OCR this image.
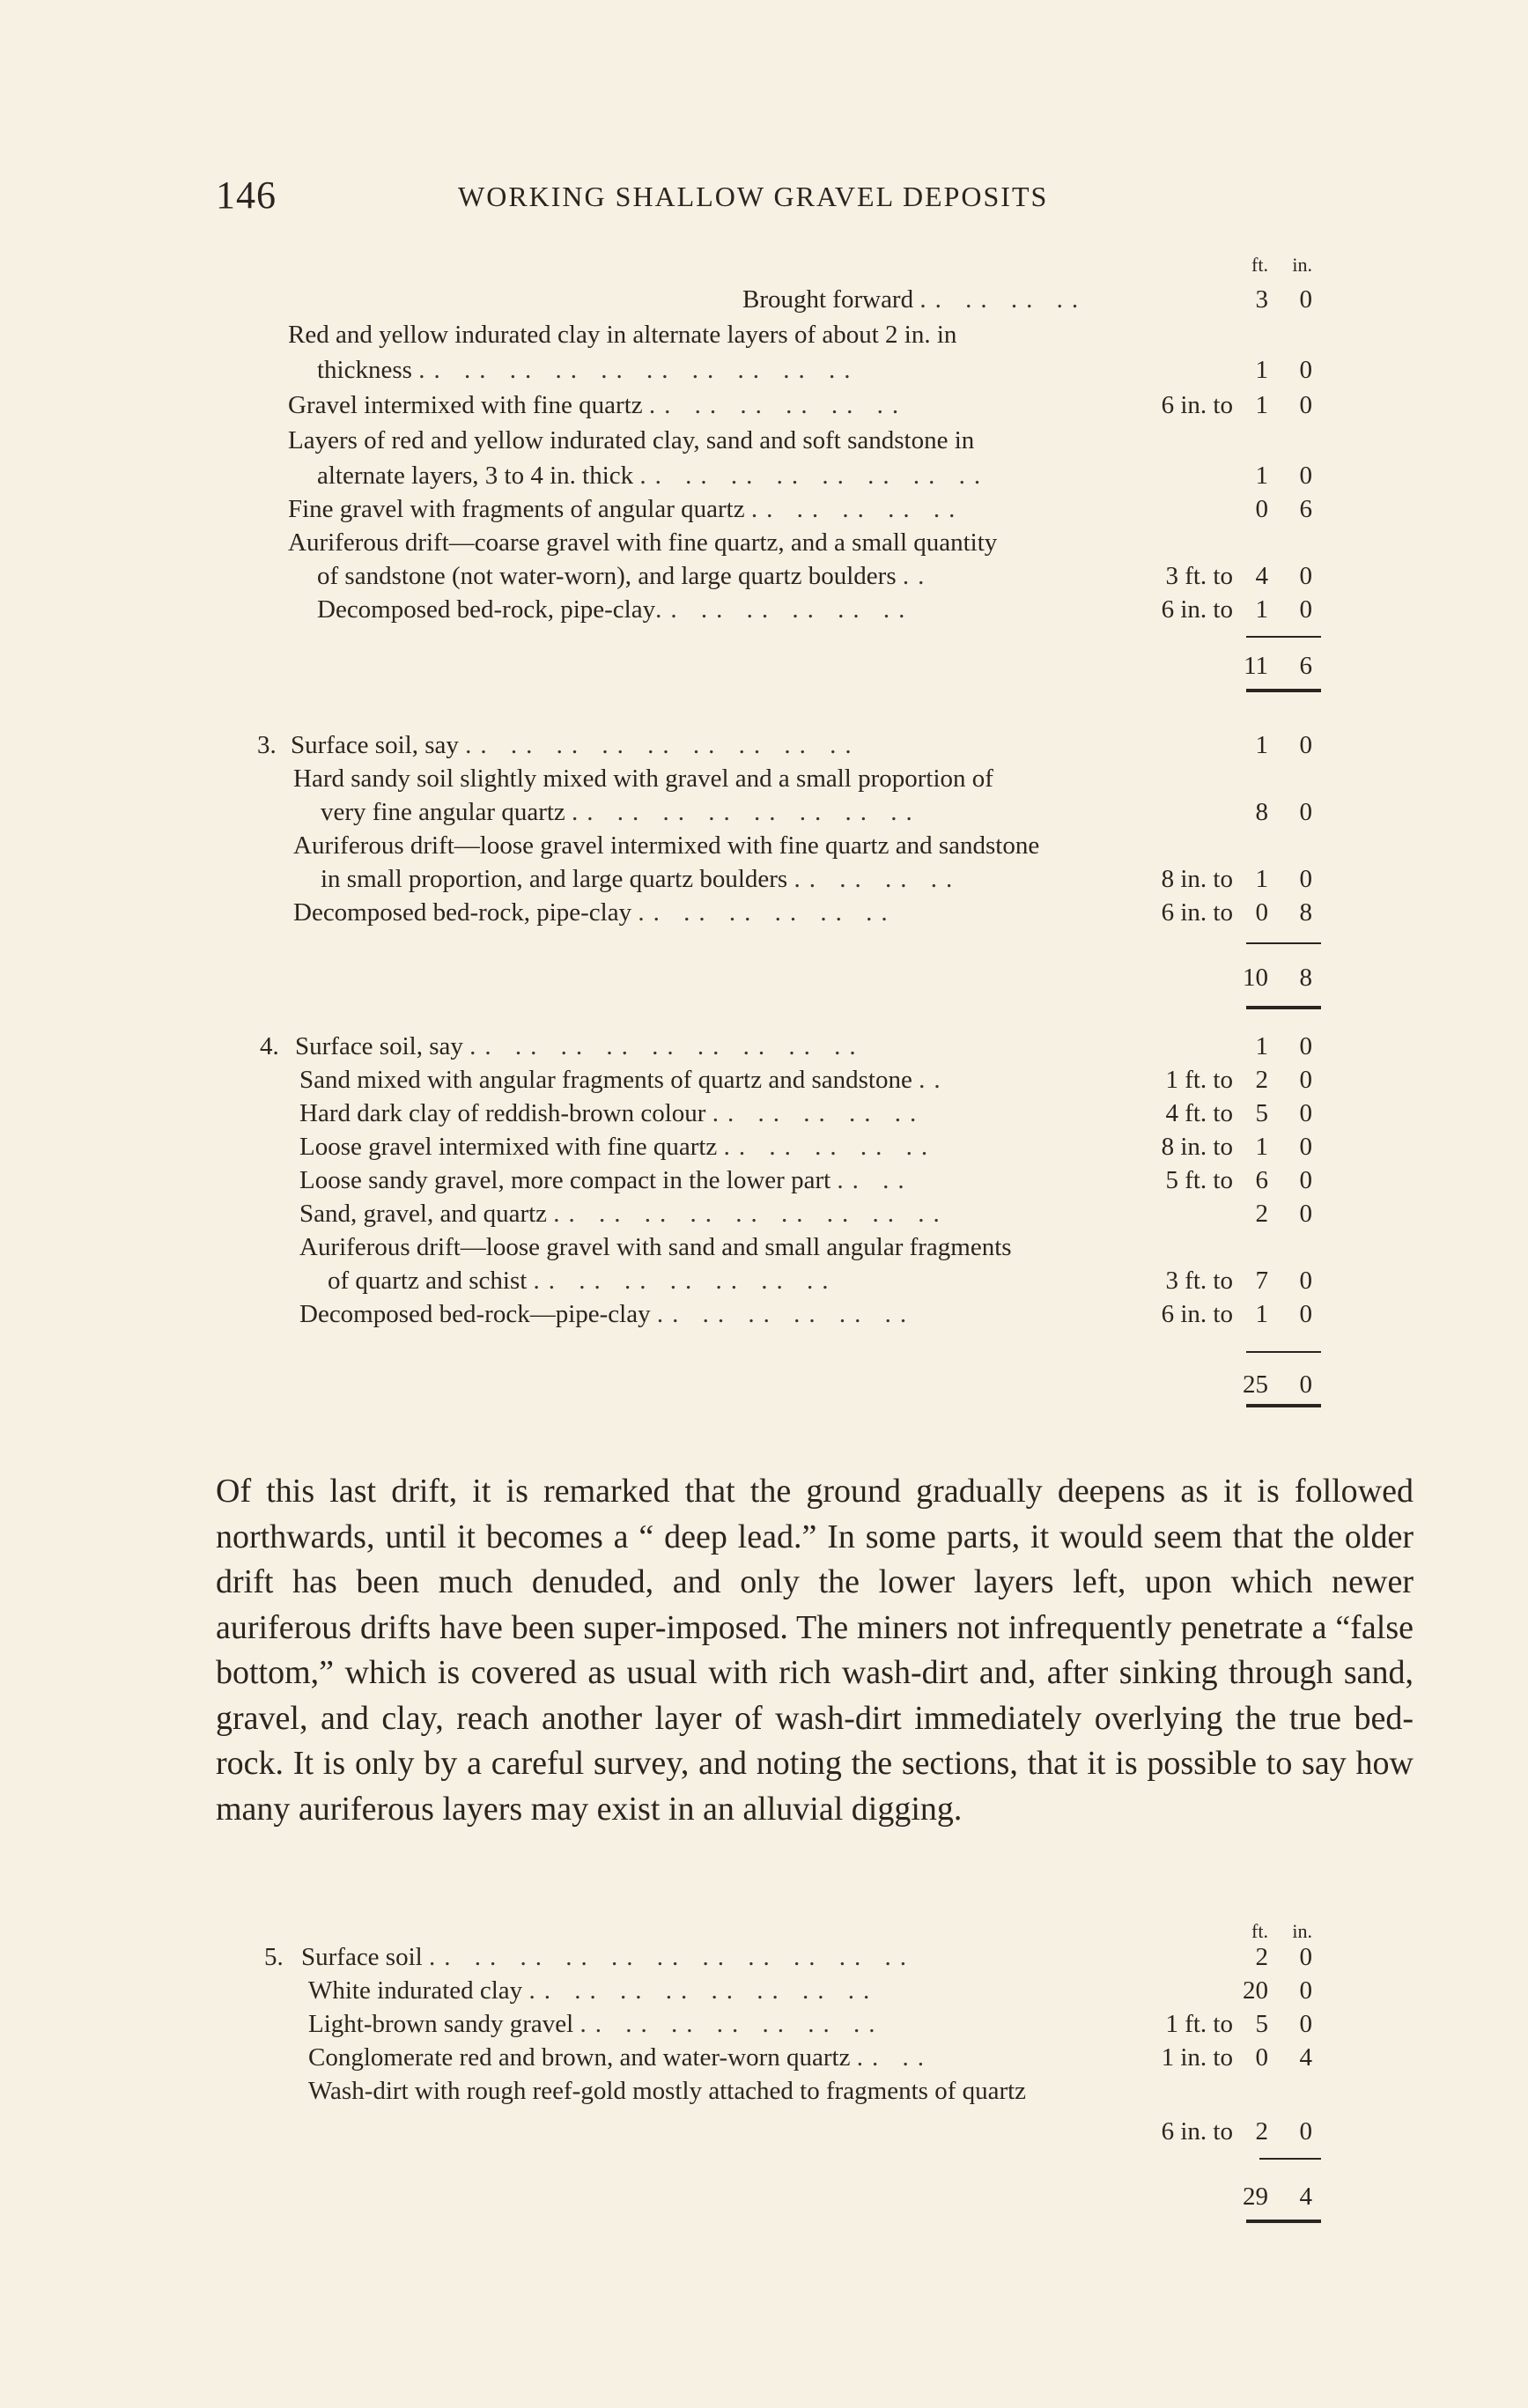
146	WORKING SHALLOW GRAVEL DEPOSITS
ft.	in.
Brought forward .. .. .. ..	3	0
Red and yellow indurated clay in alternate layers of about 2 in. in
thickness .. .. .. .. .. .. .. .. .. ..	1	0
Gravel intermixed with fine quartz .. .. .. .. .. ..	6 in. to 1	0
Layers of red and yellow indurated clay, sand and soft sandstone in
alternate layers, 3 to 4 in. thick .. .. .. .. .. .. .. ..	1	0
Fine gravel with fragments of angular quartz .. .. .. .. ..	0	6
Auriferous drift—coarse gravel with fine quartz, and a small quantity
of sandstone (not water-worn), and large quartz boulders ..	3 ft. to 4	0
Decomposed bed-rock, pipe-clay.. .. .. .. .. ..	6 in. to 1	0
11	6
3. Surface soil, say .. .. .. .. .. .. .. .. ..	1	0
Hard sandy soil slightly mixed with gravel and a small proportion of
very fine angular quartz .. .. .. .. .. .. .. ..	8	0
Auriferous drift—loose gravel intermixed with fine quartz and sandstone
in small proportion, and large quartz boulders .. .. .. ..	8 in. to 1	0
Decomposed bed-rock, pipe-clay .. .. .. .. .. ..	6 in. to 0	8
10	8
4. Surface soil, say .. .. .. .. .. .. .. .. ..	1	0
Sand mixed with angular fragments of quartz and sandstone ..	1 ft. to 2	0
Hard dark clay of reddish-brown colour .. .. .. .. ..	4 ft. to 5	0
Loose gravel intermixed with fine quartz .. .. .. .. ..	8 in. to 1	0
Loose sandy gravel, more compact in the lower part .. ..	5 ft. to 6	0
Sand, gravel, and quartz .. .. .. .. .. .. .. .. ..	2	0
Auriferous drift—loose gravel with sand and small angular fragments
of quartz and schist .. .. .. .. .. .. ..	3 ft. to 7	0
Decomposed bed-rock—pipe-clay .. .. .. .. .. ..	6 in. to 1	0
25	0

Of this last drift, it is remarked that the ground gradually deepens as it is followed northwards, until it becomes a “ deep lead.” In some parts, it would seem that the older drift has been much denuded, and only the lower layers left, upon which newer auriferous drifts have been super-imposed. The miners not infrequently penetrate a “false bottom,” which is covered as usual with rich wash-dirt and, after sinking through sand, gravel, and clay, reach another layer of wash-dirt immediately overlying the true bed-rock. It is only by a careful survey, and noting the sections, that it is possible to say how many auriferous layers may exist in an alluvial digging.

ft.	in.
5. Surface soil .. .. .. .. .. .. .. .. .. .. ..	2	0
White indurated clay .. .. .. .. .. .. .. ..	20	0
Light-brown sandy gravel .. .. .. .. .. .. ..	1 ft. to 5	0
Conglomerate red and brown, and water-worn quartz .. ..	1 in. to 0	4
Wash-dirt with rough reef-gold mostly attached to fragments of quartz
6 in. to 2	0
29	4
